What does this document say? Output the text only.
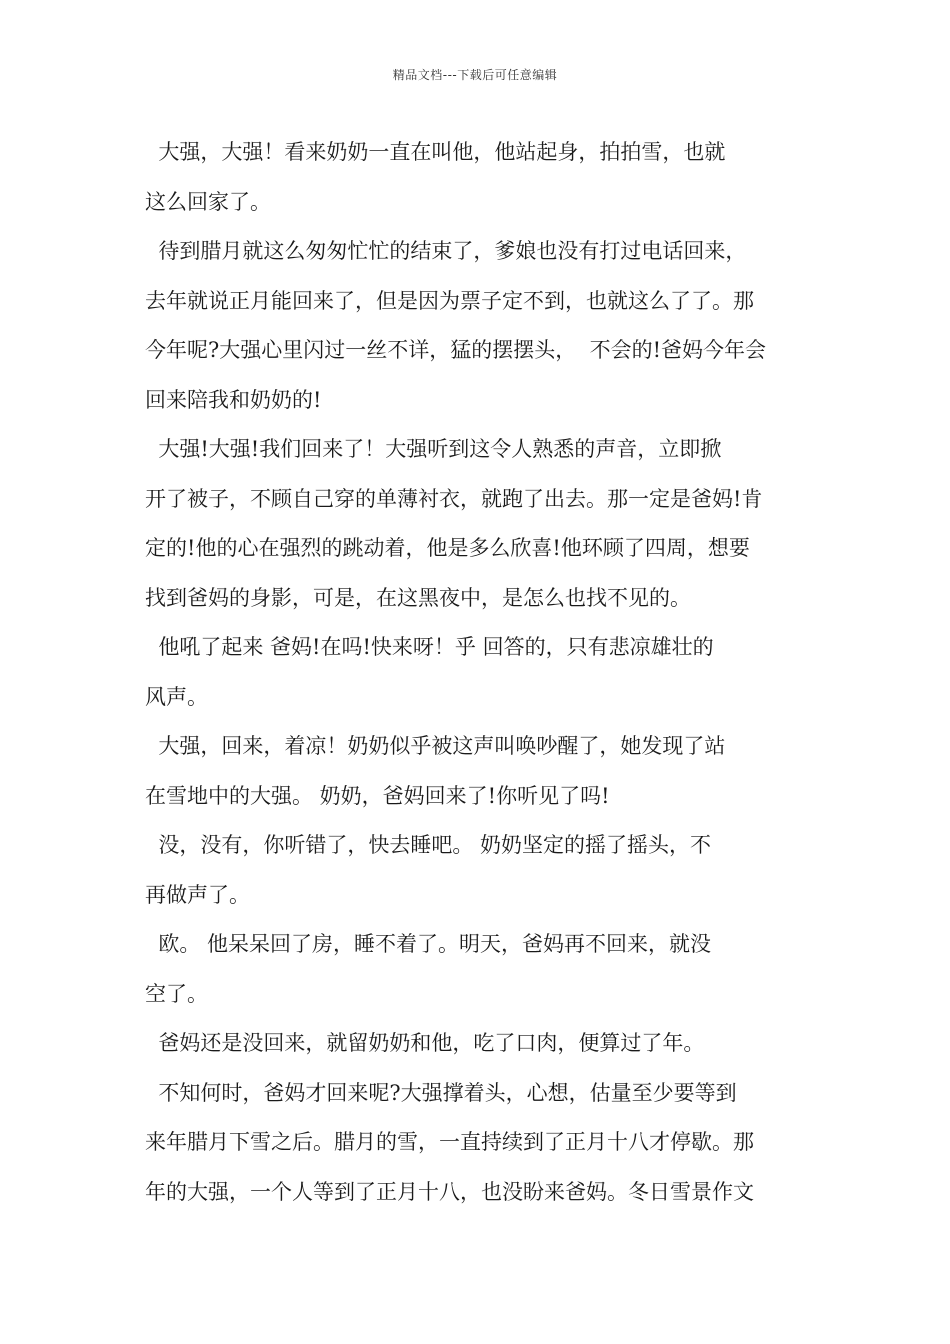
精品文档---下载后可任意编辑
大强，大强！看来奶奶一直在叫他，他站起身，拍拍雪，也就
这么回家了。
待到腊月就这么匆匆忙忙的结束了，爹娘也没有打过电话回来，
去年就说正月能回来了，但是因为票子定不到，也就这么了了。那
今年呢?大强心里闪过一丝不详，猛的摆摆头，  不会的!爸妈今年会
回来陪我和奶奶的!
大强!大强!我们回来了！大强听到这令人熟悉的声音，立即掀
开了被子，不顾自己穿的单薄衬衣，就跑了出去。那一定是爸妈!肯
定的!他的心在强烈的跳动着，他是多么欣喜!他环顾了四周，想要
找到爸妈的身影，可是，在这黑夜中，是怎么也找不见的。
他吼了起来 爸妈!在吗!快来呀！乎 回答的，只有悲凉雄壮的
风声。
大强，回来，着凉！奶奶似乎被这声叫唤吵醒了，她发现了站
在雪地中的大强。 奶奶，爸妈回来了!你听见了吗!
没，没有，你听错了，快去睡吧。 奶奶坚定的摇了摇头，不
再做声了。
欧。 他呆呆回了房，睡不着了。明天，爸妈再不回来，就没
空了。
爸妈还是没回来，就留奶奶和他，吃了口肉，便算过了年。
不知何时，爸妈才回来呢?大强撑着头，心想，估量至少要等到
来年腊月下雪之后。腊月的雪，一直持续到了正月十八才停歇。那
年的大强，一个人等到了正月十八，也没盼来爸妈。冬日雪景作文
